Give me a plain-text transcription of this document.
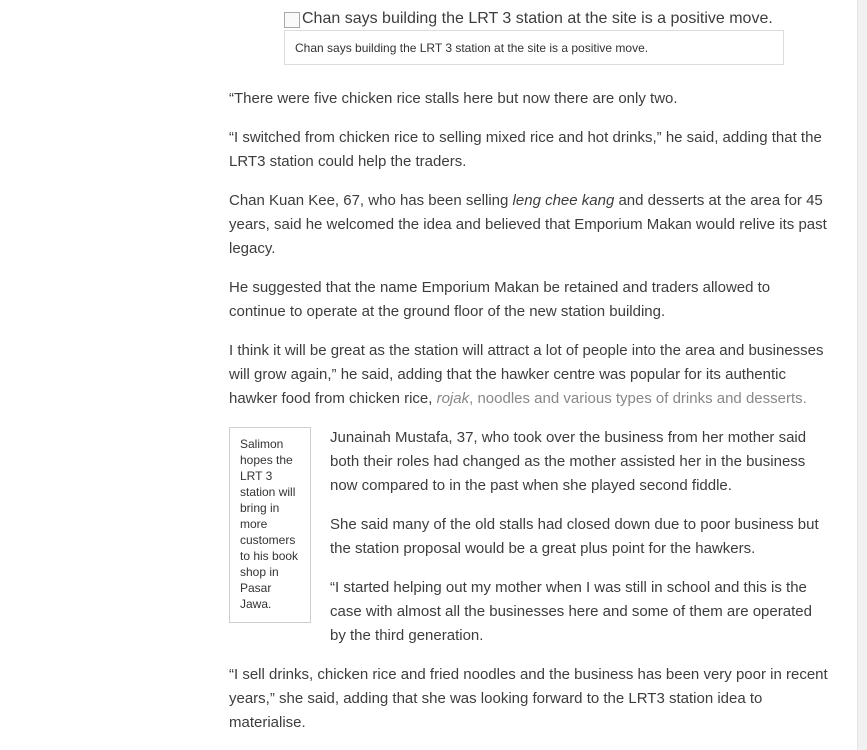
Chan says building the LRT 3 station at the site is a positive move.
Chan says building the LRT 3 station at the site is a positive move.

“There were five chicken rice stalls here but now there are only two.

“I switched from chicken rice to selling mixed rice and hot drinks,” he said, adding that the LRT3 station could help the traders.

Chan Kuan Kee, 67, who has been selling leng chee kang and desserts at the area for 45 years, said he welcomed the idea and believed that Emporium Makan would relive its past legacy.

He suggested that the name Emporium Makan be retained and traders allowed to continue to operate at the ground floor of the new station building.

I think it will be great as the station will attract a lot of people into the area and businesses will grow again,” he said, adding that the hawker centre was popular for its authentic hawker food from chicken rice, rojak, noodles and various types of drinks and desserts.

Salimon hopes the LRT 3 station will bring in more customers to his book shop in Pasar Jawa.

Junainah Mustafa, 37, who took over the business from her mother said both their roles had changed as the mother assisted her in the business now compared to in the past when she played second fiddle.

She said many of the old stalls had closed down due to poor business but the station proposal would be a great plus point for the hawkers.

“I started helping out my mother when I was still in school and this is the case with almost all the businesses here and some of them are operated by the third generation.

“I sell drinks, chicken rice and fried noodles and the business has been very poor in recent years,” she said, adding that she was looking forward to the LRT3 station idea to materialise.
